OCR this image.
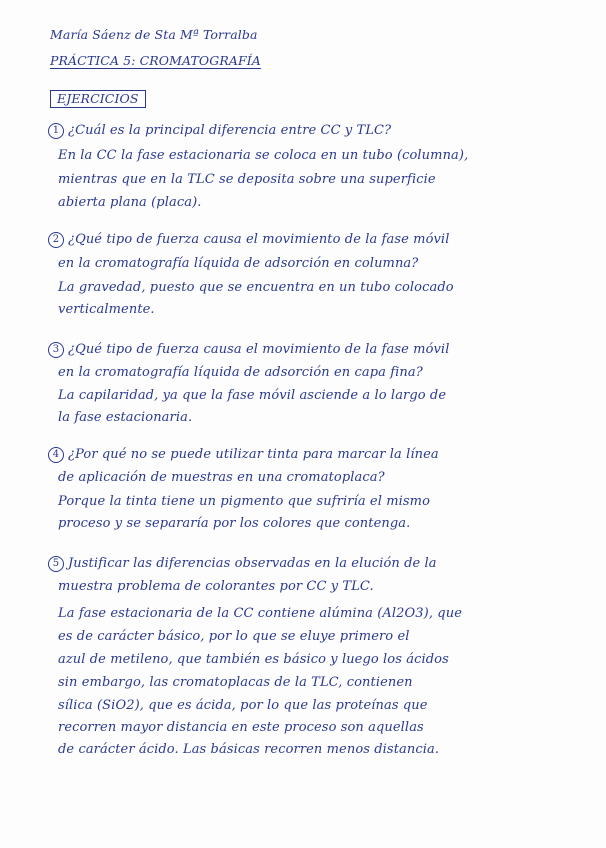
María Sáenz de Sta Mª Torralba
PRÁCTICA 5: CROMATOGRAFÍA
EJERCICIOS
1 ¿Cuál es la principal diferencia entre CC y TLC?
En la CC la fase estacionaria se coloca en un tubo (columna),
mientras que en la TLC se deposita sobre una superficie
abierta plana (placa).
2 ¿Qué tipo de fuerza causa el movimiento de la fase móvil
en la cromatografía líquida de adsorción en columna?
La gravedad, puesto que se encuentra en un tubo colocado
verticalmente.
3 ¿Qué tipo de fuerza causa el movimiento de la fase móvil
en la cromatografía líquida de adsorción en capa fina?
La capilaridad, ya que la fase móvil asciende a lo largo de
la fase estacionaria.
4 ¿Por qué no se puede utilizar tinta para marcar la línea
de aplicación de muestras en una cromatoplaca?
Porque la tinta tiene un pigmento que sufriría el mismo
proceso y se separaría por los colores que contenga.
5 Justificar las diferencias observadas en la elución de la
muestra problema de colorantes por CC y TLC.
La fase estacionaria de la CC contiene alúmina (Al2O3), que
es de carácter básico, por lo que se eluye primero el
azul de metileno, que también es básico y luego los ácidos
sin embargo, las cromatoplacas de la TLC, contienen
sílica (SiO2), que es ácida, por lo que las proteínas que
recorren mayor distancia en este proceso son aquellas
de carácter ácido. Las básicas recorren menos distancia.
